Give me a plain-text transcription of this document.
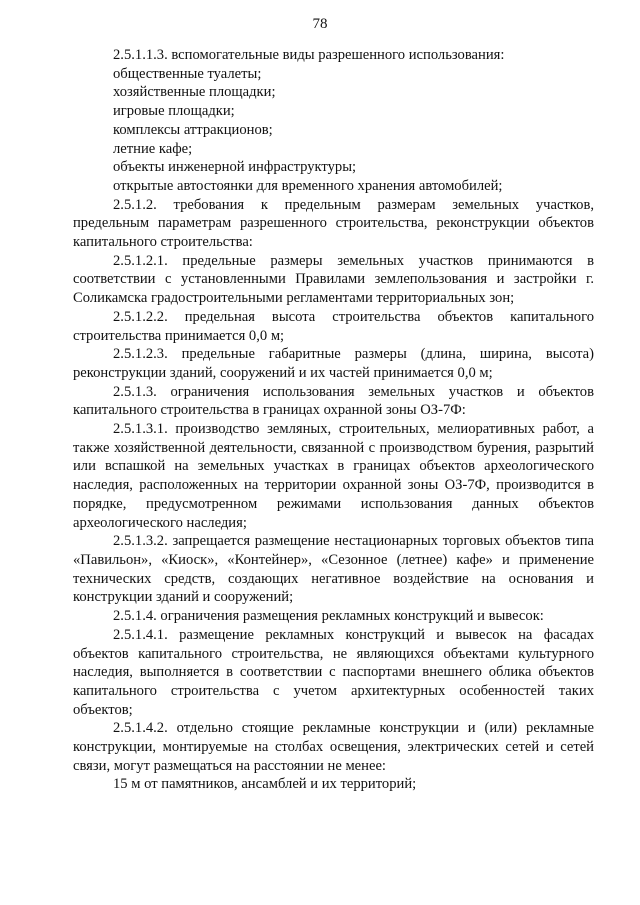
78

2.5.1.1.3. вспомогательные виды разрешенного использования:

общественные туалеты;

хозяйственные площадки;

игровые площадки;

комплексы аттракционов;

летние кафе;

объекты инженерной инфраструктуры;

открытые автостоянки для временного хранения автомобилей;

2.5.1.2. требования к предельным размерам земельных участков, предельным параметрам разрешенного строительства, реконструкции объектов капитального строительства:

2.5.1.2.1. предельные размеры земельных участков принимаются в соответствии с установленными Правилами землепользования и застройки г. Соликамска градостроительными регламентами территориальных зон;

2.5.1.2.2. предельная высота строительства объектов капитального строительства принимается 0,0 м;

2.5.1.2.3. предельные габаритные размеры (длина, ширина, высота) реконструкции зданий, сооружений и их частей принимается 0,0 м;

2.5.1.3. ограничения использования земельных участков и объектов капитального строительства в границах охранной зоны ОЗ-7Ф:

2.5.1.3.1. производство земляных, строительных, мелиоративных работ, а также хозяйственной деятельности, связанной с производством бурения, разрытий или вспашкой на земельных участках в границах объектов археологического наследия, расположенных на территории охранной зоны ОЗ-7Ф, производится в порядке, предусмотренном режимами использования данных объектов археологического наследия;

2.5.1.3.2. запрещается размещение нестационарных торговых объектов типа «Павильон», «Киоск», «Контейнер», «Сезонное (летнее) кафе» и применение технических средств, создающих негативное воздействие на основания и конструкции зданий и сооружений;

2.5.1.4. ограничения размещения рекламных конструкций и вывесок:

2.5.1.4.1. размещение рекламных конструкций и вывесок на фасадах объектов капитального строительства, не являющихся объектами культурного наследия, выполняется в соответствии с паспортами внешнего облика объектов капитального строительства с учетом архитектурных особенностей таких объектов;

2.5.1.4.2. отдельно стоящие рекламные конструкции и (или) рекламные конструкции, монтируемые на столбах освещения, электрических сетей и сетей связи, могут размещаться на расстоянии не менее:

15 м от памятников, ансамблей и их территорий;
